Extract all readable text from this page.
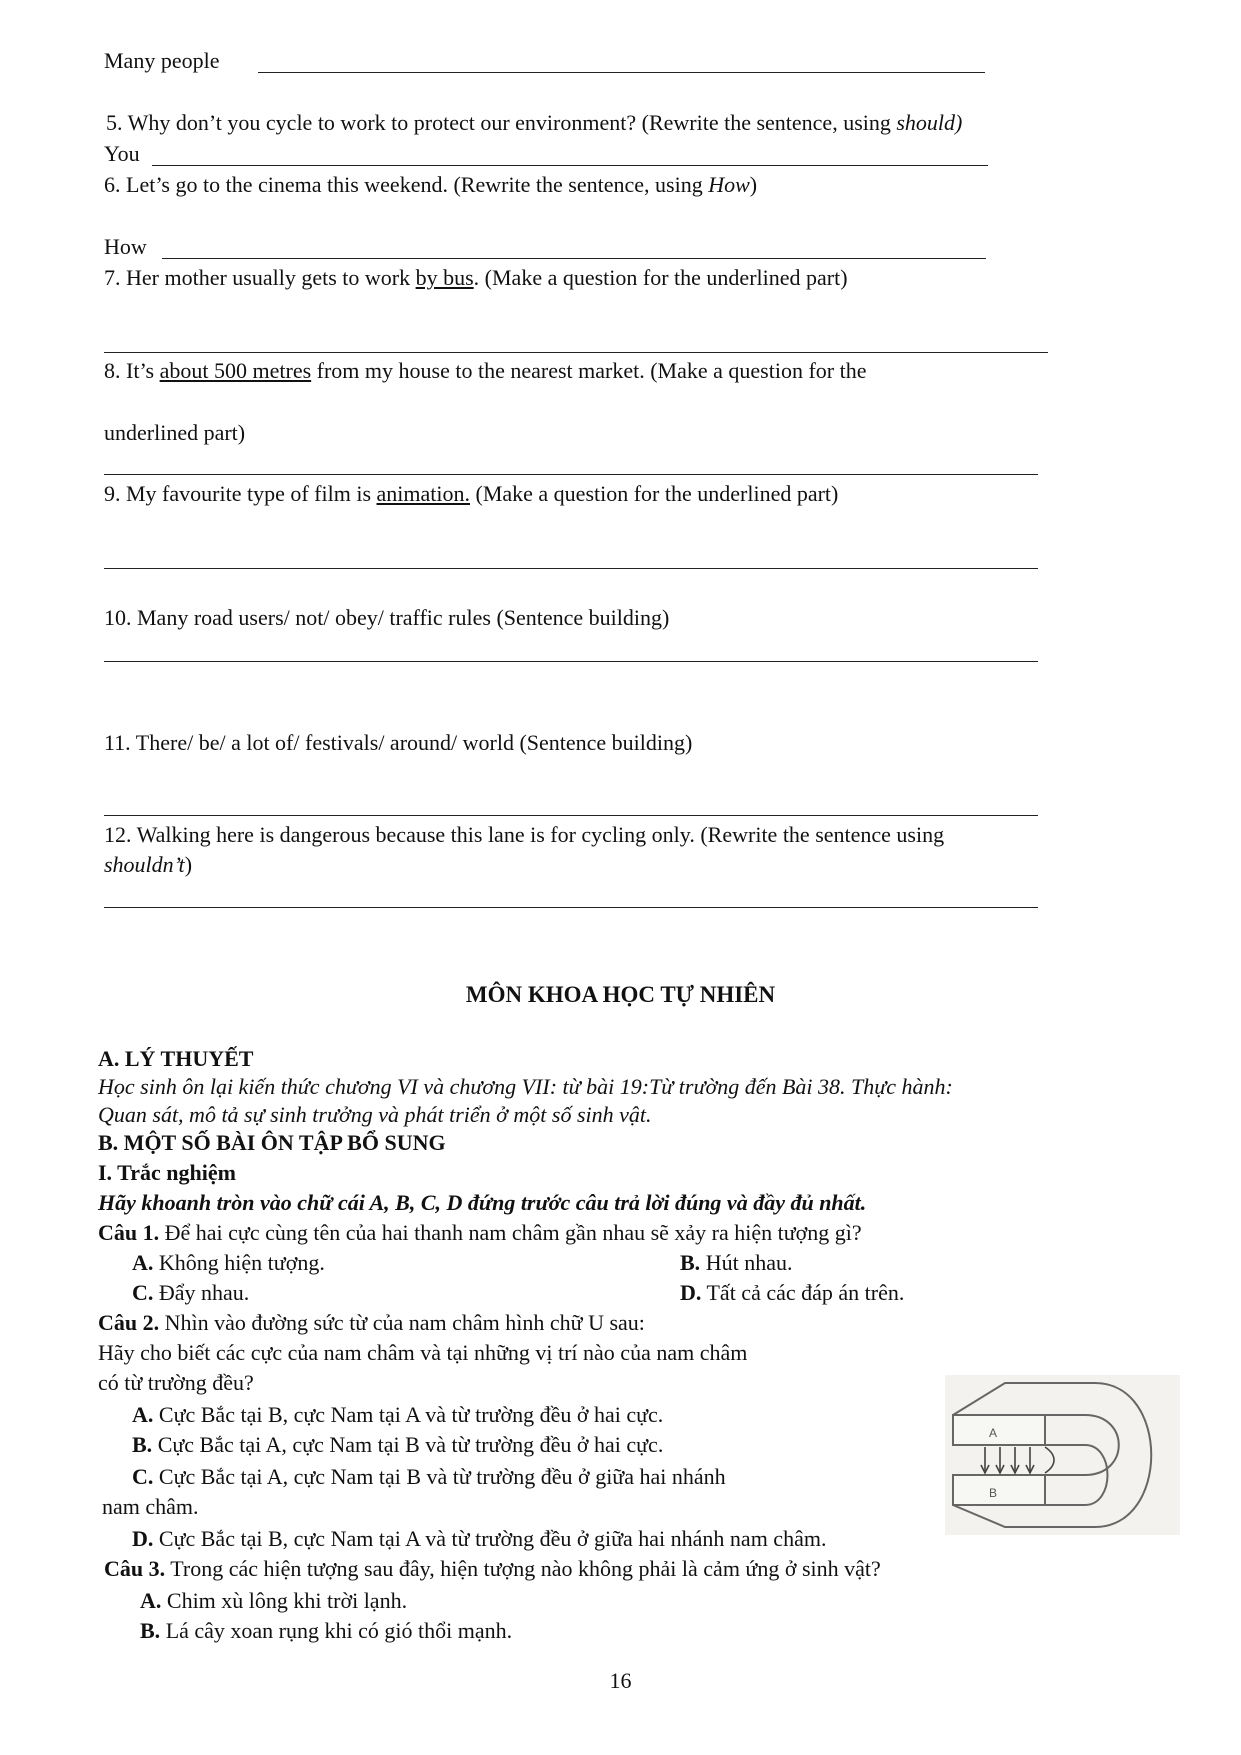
Many people
5. Why don’t you cycle to work to protect our environment? (Rewrite the sentence, using should)
You
6. Let’s go to the cinema this weekend. (Rewrite the sentence, using How)
How
7. Her mother usually gets to work by bus. (Make a question for the underlined part)
8. It’s about 500 metres from my house to the nearest market. (Make a question for the
underlined part)
9. My favourite type of film is animation. (Make a question for the underlined part)
10. Many road users/ not/ obey/ traffic rules (Sentence building)
11. There/ be/ a lot of/ festivals/ around/ world (Sentence building)
12. Walking here is dangerous because this lane is for cycling only. (Rewrite the sentence using
shouldn’t)
MÔN KHOA HỌC TỰ NHIÊN
A. LÝ THUYẾT
Học sinh ôn lại kiến thức chương VI và chương VII: từ bài 19:Từ trường đến Bài 38. Thực hành:
Quan sát, mô tả sự sinh trưởng và phát triển ở một số sinh vật.
B. MỘT SỐ BÀI ÔN TẬP BỔ SUNG
I. Trắc nghiệm
Hãy khoanh tròn vào chữ cái A, B, C, D đứng trước câu trả lời đúng và đầy đủ nhất.
Câu 1. Để hai cực cùng tên của hai thanh nam châm gần nhau sẽ xảy ra hiện tượng gì?
A. Không hiện tượng.	B. Hút nhau.
C. Đẩy nhau.	D. Tất cả các đáp án trên.
Câu 2. Nhìn vào đường sức từ của nam châm hình chữ U sau:
Hãy cho biết các cực của nam châm và tại những vị trí nào của nam châm
có từ trường đều?
A. Cực Bắc tại B, cực Nam tại A và từ trường đều ở hai cực.
B. Cực Bắc tại A, cực Nam tại B và từ trường đều ở hai cực.
C. Cực Bắc tại A, cực Nam tại B và từ trường đều ở giữa hai nhánh
nam châm.
D. Cực Bắc tại B, cực Nam tại A và từ trường đều ở giữa hai nhánh nam châm.
A
B
Câu 3. Trong các hiện tượng sau đây, hiện tượng nào không phải là cảm ứng ở sinh vật?
A. Chim xù lông khi trời lạnh.
B. Lá cây xoan rụng khi có gió thổi mạnh.
16
